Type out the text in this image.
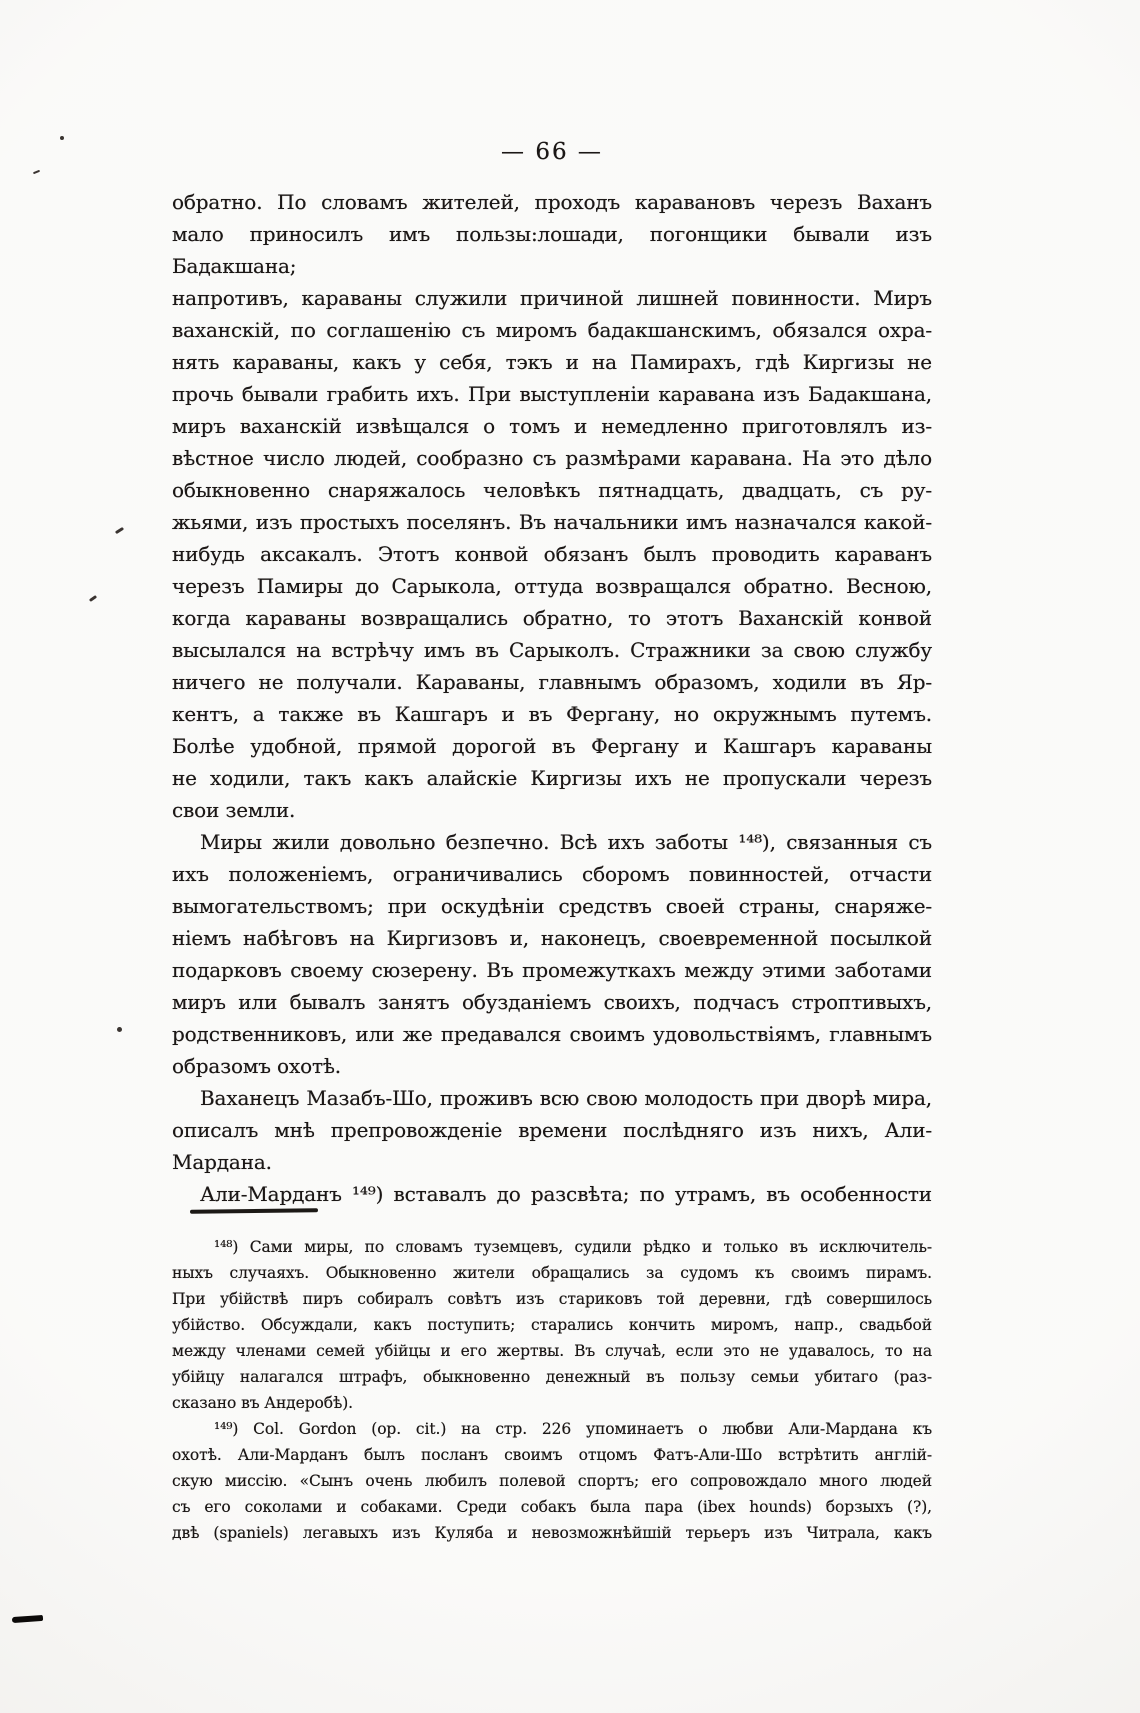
— 66 —
обратно. По словамъ жителей, проходъ каравановъ черезъ Ваханъ
мало приносилъ имъ пользы:лошади, погонщики бывали изъ Бадакшана;
напротивъ, караваны служили причиной лишней повинности. Миръ
ваханскій, по соглашенію съ миромъ бадакшанскимъ, обязался охра-
нять караваны, какъ у себя, тэкъ и на Памирахъ, гдѣ Киргизы не
прочь бывали грабить ихъ. При выступленіи каравана изъ Бадакшана,
миръ ваханскій извѣщался о томъ и немедленно приготовлялъ из-
вѣстное число людей, сообразно съ размѣрами каравана. На это дѣло
обыкновенно снаряжалось человѣкъ пятнадцать, двадцать, съ ру-
жьями, изъ простыхъ поселянъ. Въ начальники имъ назначался какой-
нибудь аксакалъ. Этотъ конвой обязанъ былъ проводить караванъ
черезъ Памиры до Сарыкола, оттуда возвращался обратно. Весною,
когда караваны возвращались обратно, то этотъ Ваханскій конвой
высылался на встрѣчу имъ въ Сарыколъ. Стражники за свою службу
ничего не получали. Караваны, главнымъ образомъ, ходили въ Яр-
кентъ, а также въ Кашгаръ и въ Фергану, но окружнымъ путемъ.
Болѣе удобной, прямой дорогой въ Фергану и Кашгаръ караваны
не ходили, такъ какъ алайскіе Киргизы ихъ не пропускали черезъ
свои земли.
Миры жили довольно безпечно. Всѣ ихъ заботы ¹⁴⁸), связанныя съ
ихъ положеніемъ, ограничивались сборомъ повинностей, отчасти
вымогательствомъ; при оскудѣніи средствъ своей страны, снаряже-
ніемъ набѣговъ на Киргизовъ и, наконецъ, своевременной посылкой
подарковъ своему сюзерену. Въ промежуткахъ между этими заботами
миръ или бывалъ занятъ обузданіемъ своихъ, подчасъ строптивыхъ,
родственниковъ, или же предавался своимъ удовольствіямъ, главнымъ
образомъ охотѣ.
Ваханецъ Мазабъ-Шо, проживъ всю свою молодость при дворѣ мира,
описалъ мнѣ препровожденіе времени послѣдняго изъ нихъ, Али-
Мардана.
Али-Марданъ ¹⁴⁹) вставалъ до разсвѣта; по утрамъ, въ особенности
¹⁴⁸) Сами миры, по словамъ туземцевъ, судили рѣдко и только въ исключитель-
ныхъ случаяхъ. Обыкновенно жители обращались за судомъ къ своимъ пирамъ.
При убійствѣ пиръ собиралъ совѣтъ изъ стариковъ той деревни, гдѣ совершилось
убійство. Обсуждали, какъ поступить; старались кончить миромъ, напр., свадьбой
между членами семей убійцы и его жертвы. Въ случаѣ, если это не удавалось, то на
убійцу налагался штрафъ, обыкновенно денежный въ пользу семьи убитаго (раз-
сказано въ Андеробѣ).
¹⁴⁹) Col. Gordon (op. cit.) на стр. 226 упоминаетъ о любви Али-Мардана къ
охотѣ. Али-Марданъ былъ посланъ своимъ отцомъ Фатъ-Али-Шо встрѣтить англій-
скую миссію. «Сынъ очень любилъ полевой спортъ; его сопровождало много людей
съ его соколами и собаками. Среди собакъ была пара (ibex hounds) борзыхъ (?),
двѣ (spaniels) легавыхъ изъ Куляба и невозможнѣйшій терьеръ изъ Читрала, какъ
